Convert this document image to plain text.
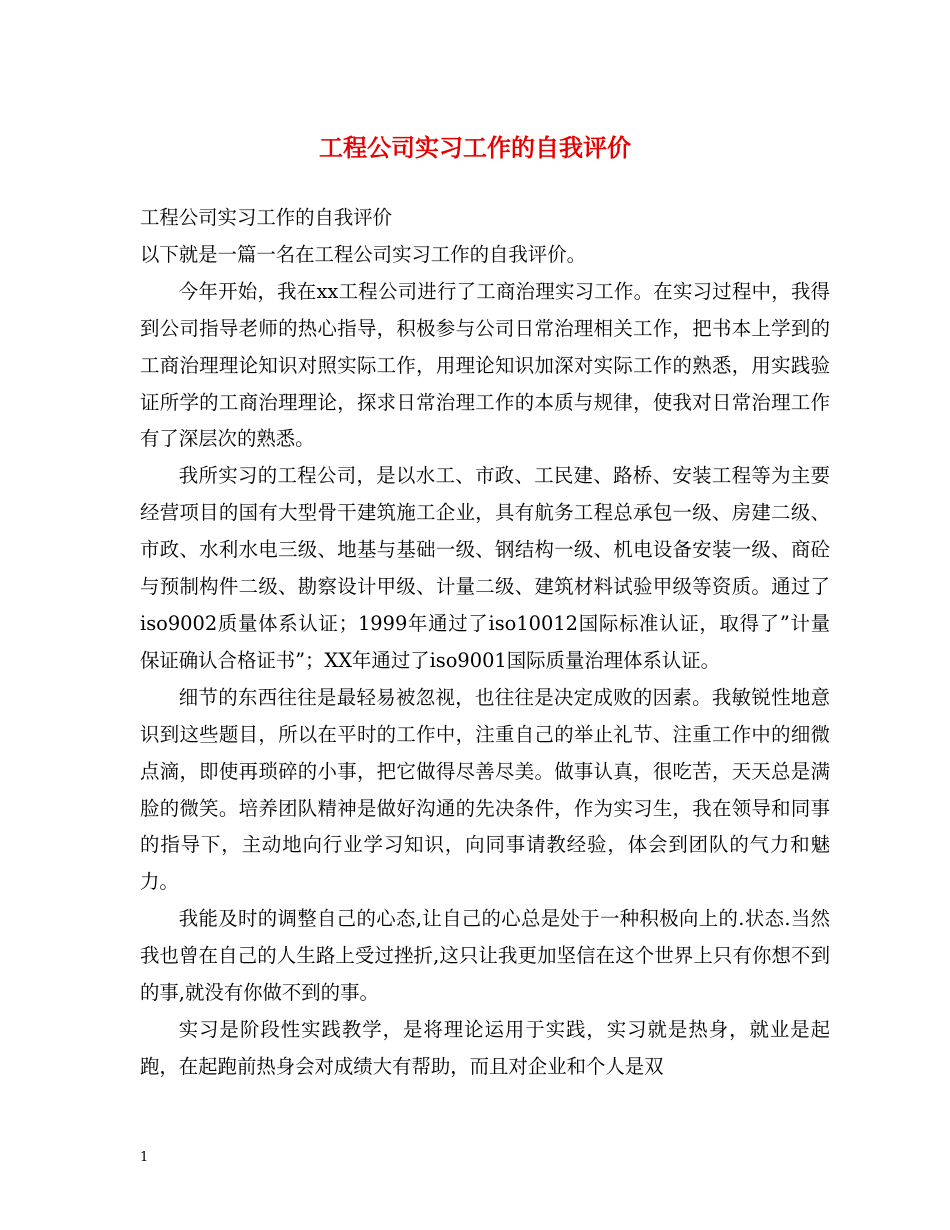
工程公司实习工作的自我评价

工程公司实习工作的自我评价

以下就是一篇一名在工程公司实习工作的自我评价。

今年开始，我在xx工程公司进行了工商治理实习工作。在实习过程中，我得到公司指导老师的热心指导，积极参与公司日常治理相关工作，把书本上学到的工商治理理论知识对照实际工作，用理论知识加深对实际工作的熟悉，用实践验证所学的工商治理理论，探求日常治理工作的本质与规律，使我对日常治理工作有了深层次的熟悉。

我所实习的工程公司，是以水工、市政、工民建、路桥、安装工程等为主要经营项目的国有大型骨干建筑施工企业，具有航务工程总承包一级、房建二级、市政、水利水电三级、地基与基础一级、钢结构一级、机电设备安装一级、商砼与预制构件二级、勘察设计甲级、计量二级、建筑材料试验甲级等资质。通过了iso9002质量体系认证；1999年通过了iso10012国际标准认证，取得了”计量保证确认合格证书”；XX年通过了iso9001国际质量治理体系认证。

细节的东西往往是最轻易被忽视，也往往是决定成败的因素。我敏锐性地意识到这些题目，所以在平时的工作中，注重自己的举止礼节、注重工作中的细微点滴，即使再琐碎的小事，把它做得尽善尽美。做事认真，很吃苦，天天总是满脸的微笑。培养团队精神是做好沟通的先决条件，作为实习生，我在领导和同事的指导下，主动地向行业学习知识，向同事请教经验，体会到团队的气力和魅力。

我能及时的调整自己的心态,让自己的心总是处于一种积极向上的.状态.当然我也曾在自己的人生路上受过挫折,这只让我更加坚信在这个世界上只有你想不到的事,就没有你做不到的事。

实习是阶段性实践教学，是将理论运用于实践，实习就是热身，就业是起跑，在起跑前热身会对成绩大有帮助，而且对企业和个人是双

1
